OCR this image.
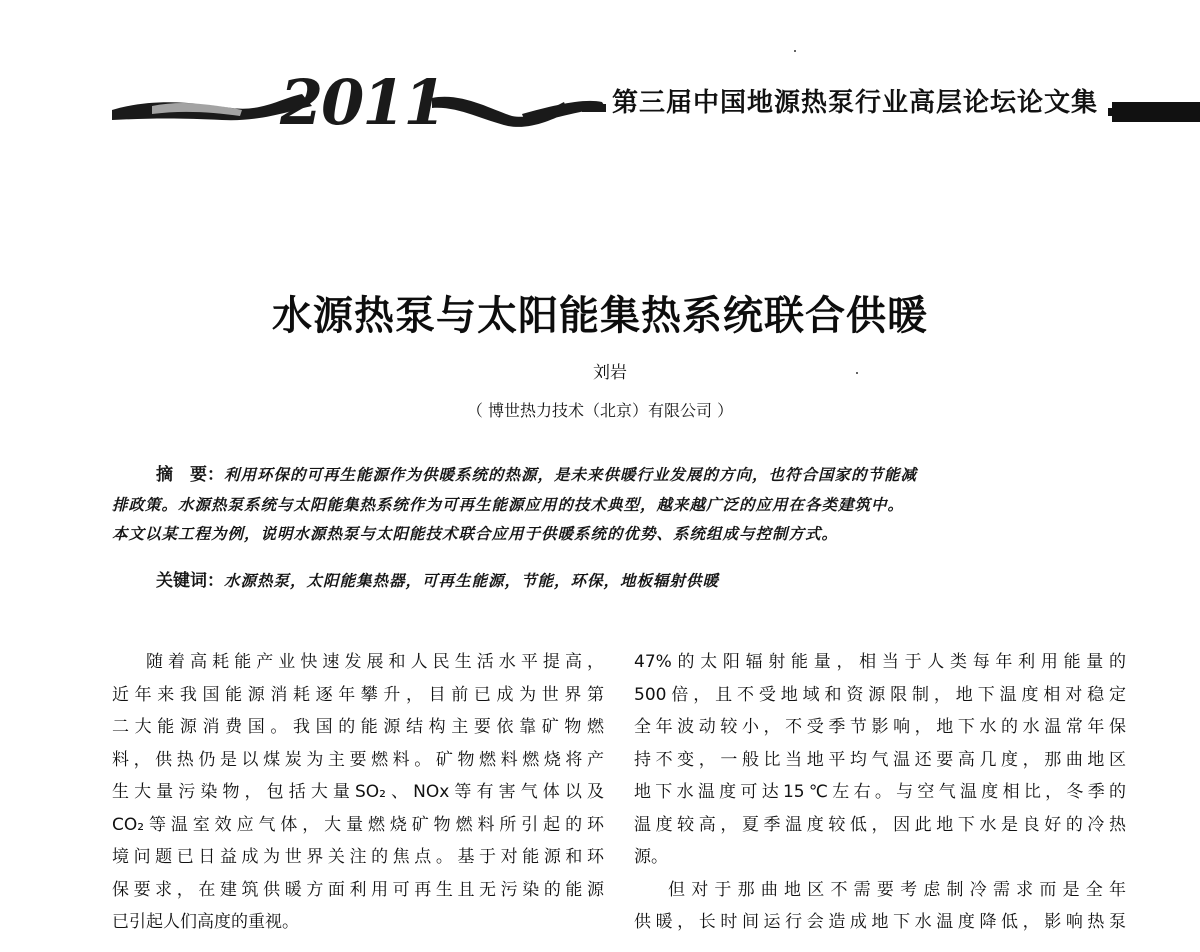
2011	第三届中国地源热泵行业高层论坛论文集
水源热泵与太阳能集热系统联合供暖
刘岩
（ 博世热力技术（北京）有限公司 ）

摘　要：利用环保的可再生能源作为供暖系统的热源，是未来供暖行业发展的方向，也符合国家的节能减

排政策。水源热泵系统与太阳能集热系统作为可再生能源应用的技术典型，越来越广泛的应用在各类建筑中。
本文以某工程为例，说明水源热泵与太阳能技术联合应用于供暖系统的优势、系统组成与控制方式。
关键词：水源热泵，太阳能集热器，可再生能源，节能，环保，地板辐射供暖
随着高耗能产业快速发展和人民生活水平提高，
近年来我国能源消耗逐年攀升，目前已成为世界第
二大能源消费国。我国的能源结构主要依靠矿物燃
料，供热仍是以煤炭为主要燃料。矿物燃料燃烧将产
生大量污染物，包括大量SO₂、NOx等有害气体以及
CO₂等温室效应气体，大量燃烧矿物燃料所引起的环
境问题已日益成为世界关注的焦点。基于对能源和环
保要求，在建筑供暖方面利用可再生且无污染的能源
已引起人们高度的重视。
47%的太阳辐射能量，相当于人类每年利用能量的
500倍，且不受地域和资源限制，地下温度相对稳定
全年波动较小，不受季节影响，地下水的水温常年保
持不变，一般比当地平均气温还要高几度，那曲地区
地下水温度可达15℃左右。与空气温度相比，冬季的
温度较高，夏季温度较低，因此地下水是良好的冷热
源。
但对于那曲地区不需要考虑制冷需求而是全年
供暖，长时间运行会造成地下水温度降低，影响热泵
